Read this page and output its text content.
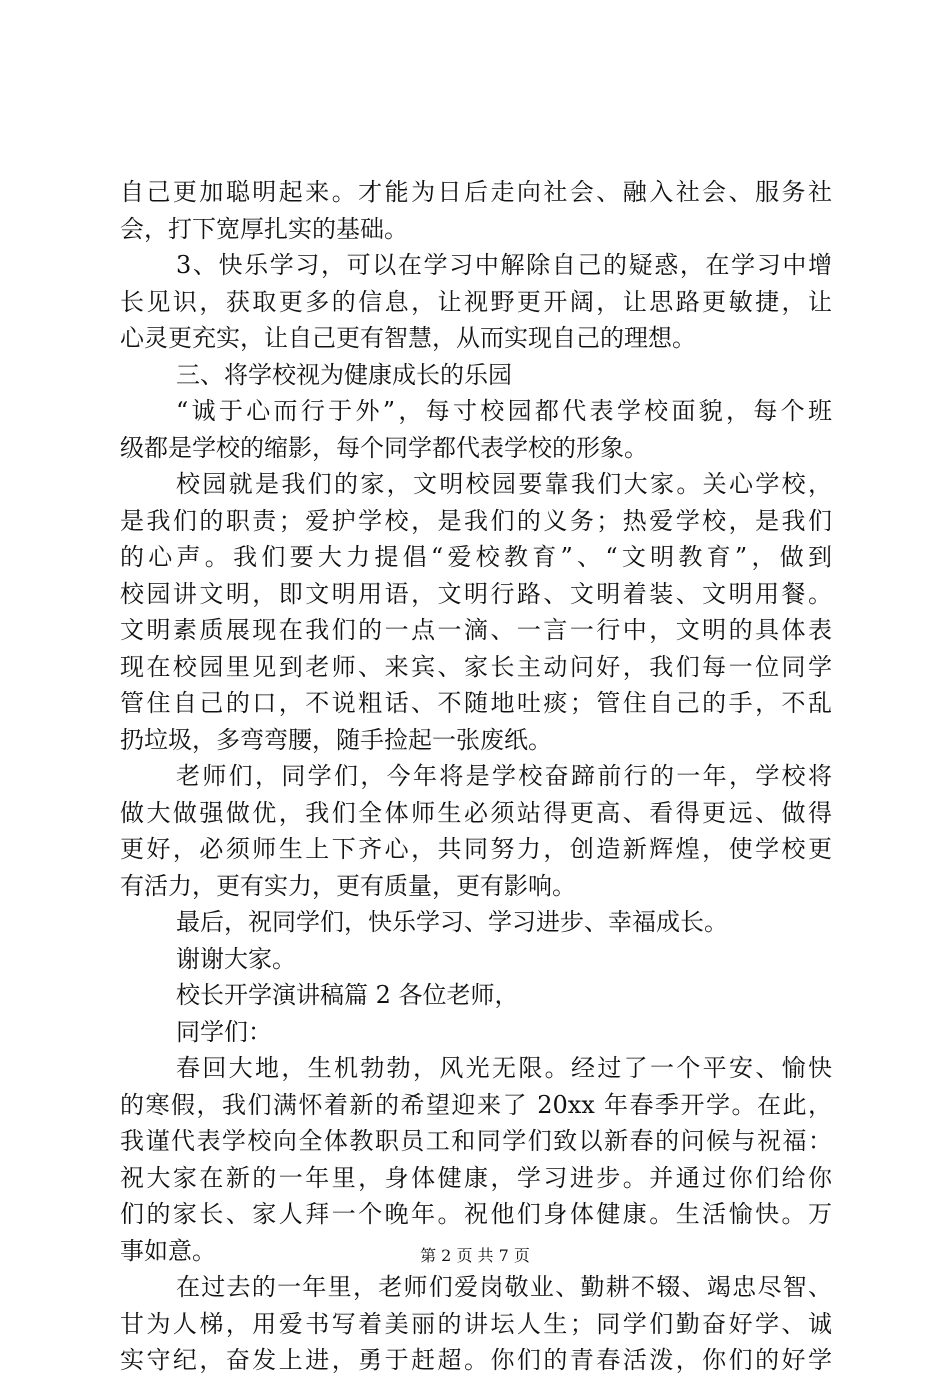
自己更加聪明起来。才能为日后走向社会、融入社会、服务社
会，打下宽厚扎实的基础。
3、快乐学习，可以在学习中解除自己的疑惑，在学习中增
长见识，获取更多的信息，让视野更开阔，让思路更敏捷，让
心灵更充实，让自己更有智慧，从而实现自己的理想。
三、将学校视为健康成长的乐园
“诚于心而行于外”，每寸校园都代表学校面貌，每个班
级都是学校的缩影，每个同学都代表学校的形象。
校园就是我们的家，文明校园要靠我们大家。关心学校，
是我们的职责；爱护学校，是我们的义务；热爱学校，是我们
的心声。我们要大力提倡“爱校教育”、“文明教育”，做到
校园讲文明，即文明用语，文明行路、文明着装、文明用餐。
文明素质展现在我们的一点一滴、一言一行中，文明的具体表
现在校园里见到老师、来宾、家长主动问好，我们每一位同学
管住自己的口，不说粗话、不随地吐痰；管住自己的手，不乱
扔垃圾，多弯弯腰，随手捡起一张废纸。
老师们，同学们，今年将是学校奋蹄前行的一年，学校将
做大做强做优，我们全体师生必须站得更高、看得更远、做得
更好，必须师生上下齐心，共同努力，创造新辉煌，使学校更
有活力，更有实力，更有质量，更有影响。
最后，祝同学们，快乐学习、学习进步、幸福成长。
谢谢大家。
校长开学演讲稿篇 2 各位老师，
同学们：
春回大地，生机勃勃，风光无限。经过了一个平安、愉快
的寒假，我们满怀着新的希望迎来了 20xx 年春季开学。在此，
我谨代表学校向全体教职员工和同学们致以新春的问候与祝福：
祝大家在新的一年里，身体健康，学习进步。并通过你们给你
们的家长、家人拜一个晚年。祝他们身体健康。生活愉快。万
事如意。
在过去的一年里，老师们爱岗敬业、勤耕不辍、竭忠尽智、
甘为人梯，用爱书写着美丽的讲坛人生；同学们勤奋好学、诚
实守纪，奋发上进，勇于赶超。你们的青春活泼，你们的好学
第 2 页 共 7 页
